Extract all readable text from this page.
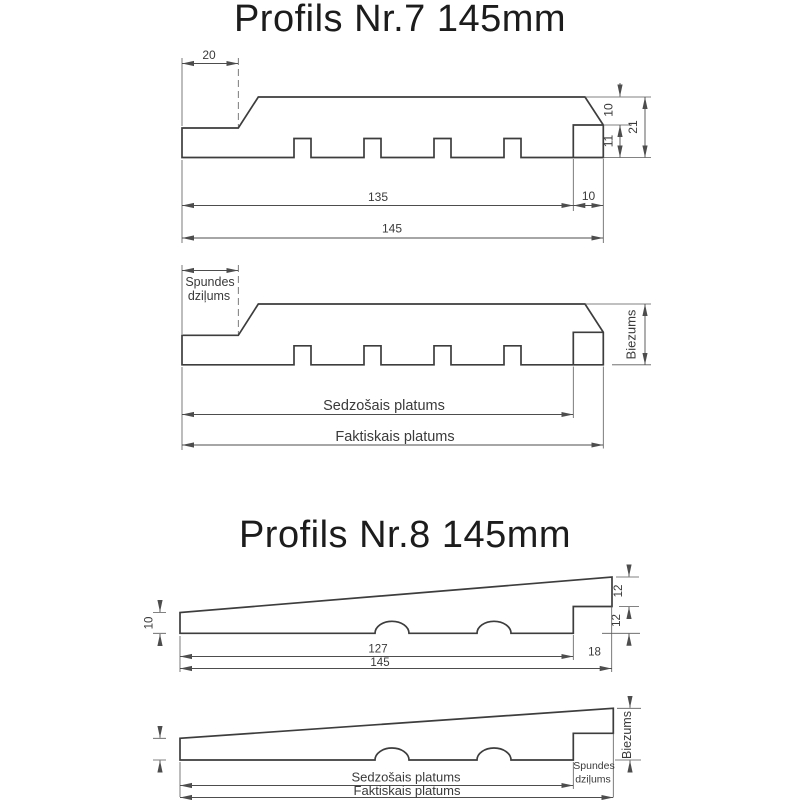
Profils Nr.7 145mm
20
10
11
21
135	10
145
Spundes
dziļums
Biezums
Sedzošais platums
Faktiskais platums
Profils Nr.8 145mm
10
12
12
127	18
145
Biezums
Spundes
dziļums
Sedzošais platums
Faktiskais platums
